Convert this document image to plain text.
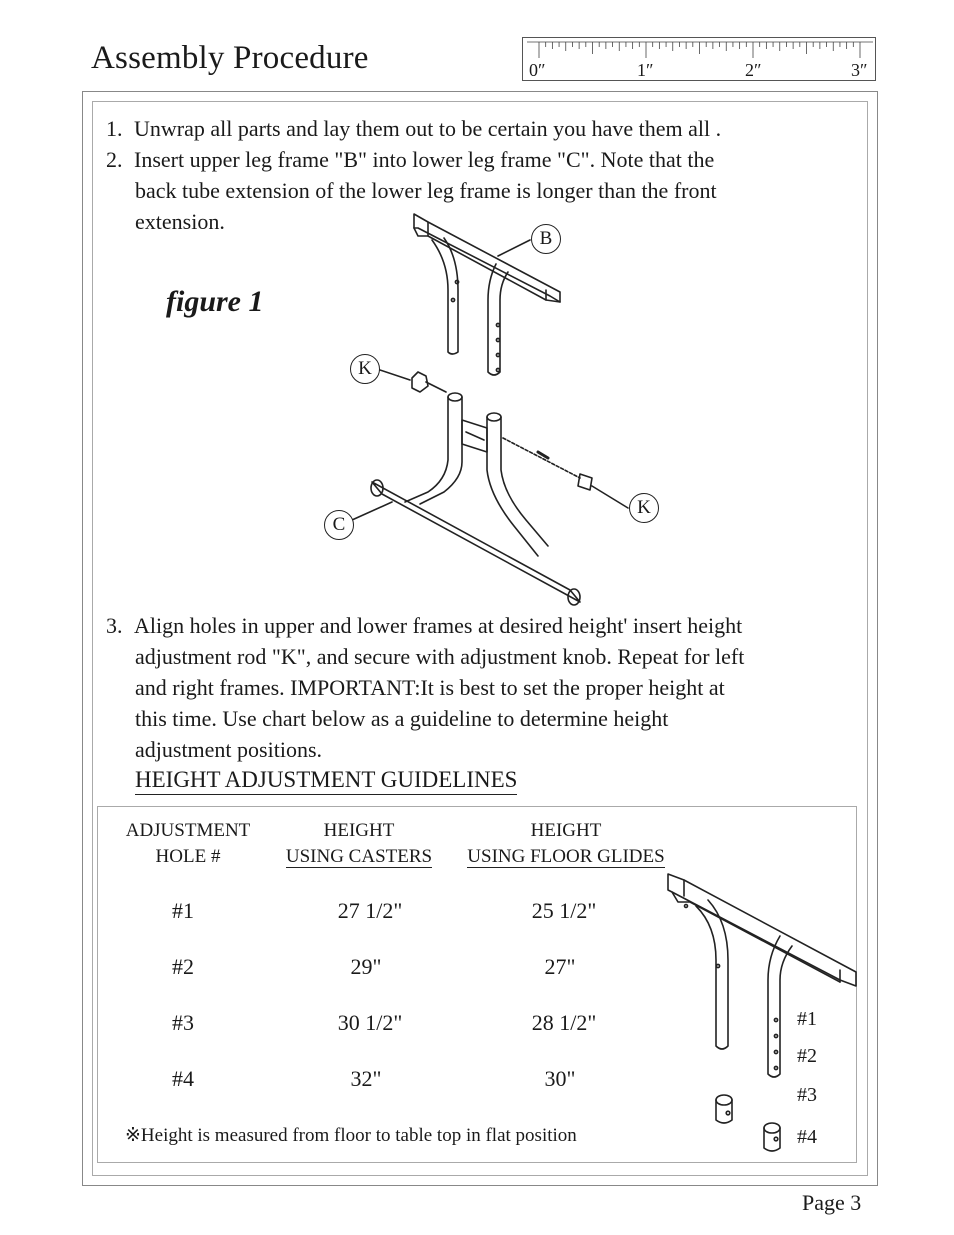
Assembly Procedure	0″	1″	2″	3″
1. Unwrap all parts and lay them out to be certain you have them all .
2. Insert upper leg frame "B" into lower leg frame "C". Note that the
back tube extension of the lower leg frame is longer than the front
extension.
figure 1
B
K
K
C
3. Align holes in upper and lower frames at desired height' insert height
adjustment rod "K", and secure with adjustment knob. Repeat for left
and right frames. IMPORTANT:It is best to set the proper height at
this time. Use chart below as a guideline to determine height
adjustment positions.
HEIGHT ADJUSTMENT GUIDELINES
ADJUSTMENT
HOLE #
HEIGHT
USING CASTERS
HEIGHT
USING FLOOR GLIDES
#1	27 1/2"	25 1/2"
#2	29"	27"
#3	30 1/2"	28 1/2"
#4	32"	30"
※Height is measured from floor to table top in flat position
#1
#2
#3
#4
Page 3
